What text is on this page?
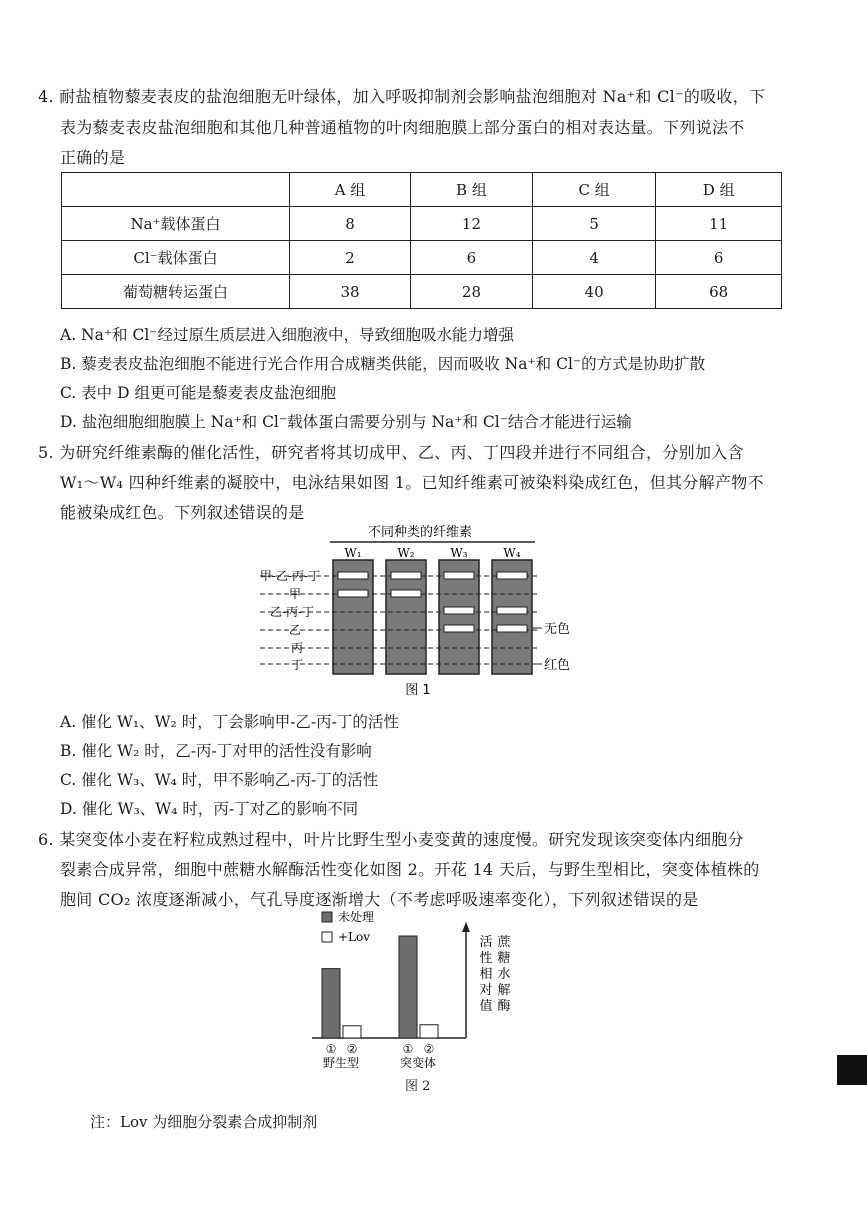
4. 耐盐植物藜麦表皮的盐泡细胞无叶绿体，加入呼吸抑制剂会影响盐泡细胞对 Na⁺和 Cl⁻的吸收，下
表为藜麦表皮盐泡细胞和其他几种普通植物的叶肉细胞膜上部分蛋白的相对表达量。下列说法不
正确的是
	A 组	B 组	C 组	D 组
Na⁺载体蛋白	8	12	5	11
Cl⁻载体蛋白	2	6	4	6
葡萄糖转运蛋白	38	28	40	68
A. Na⁺和 Cl⁻经过原生质层进入细胞液中，导致细胞吸水能力增强
B. 藜麦表皮盐泡细胞不能进行光合作用合成糖类供能，因而吸收 Na⁺和 Cl⁻的方式是协助扩散
C. 表中 D 组更可能是藜麦表皮盐泡细胞
D. 盐泡细胞细胞膜上 Na⁺和 Cl⁻载体蛋白需要分别与 Na⁺和 Cl⁻结合才能进行运输
5. 为研究纤维素酶的催化活性，研究者将其切成甲、乙、丙、丁四段并进行不同组合，分别加入含
W₁～W₄ 四种纤维素的凝胶中，电泳结果如图 1。已知纤维素可被染料染成红色，但其分解产物不
能被染成红色。下列叙述错误的是
不同种类的纤维素
W₁	W₂	W₃	W₄
甲-乙-丙-丁
甲
乙-丙-丁
乙
丙
丁
无色
红色
图 1
A. 催化 W₁、W₂ 时，丁会影响甲-乙-丙-丁的活性
B. 催化 W₂ 时，乙-丙-丁对甲的活性没有影响
C. 催化 W₃、W₄ 时，甲不影响乙-丙-丁的活性
D. 催化 W₃、W₄ 时，丙-丁对乙的影响不同
6. 某突变体小麦在籽粒成熟过程中，叶片比野生型小麦变黄的速度慢。研究发现该突变体内细胞分
裂素合成异常，细胞中蔗糖水解酶活性变化如图 2。开花 14 天后，与野生型相比，突变体植株的
胞间 CO₂ 浓度逐渐减小，气孔导度逐渐增大（不考虑呼吸速率变化），下列叙述错误的是
未处理
+Lov
① ②	① ②
野生型	突变体
蔗
糖
水
解
酶
活
性
相
对
值
图 2
注：Lov 为细胞分裂素合成抑制剂
